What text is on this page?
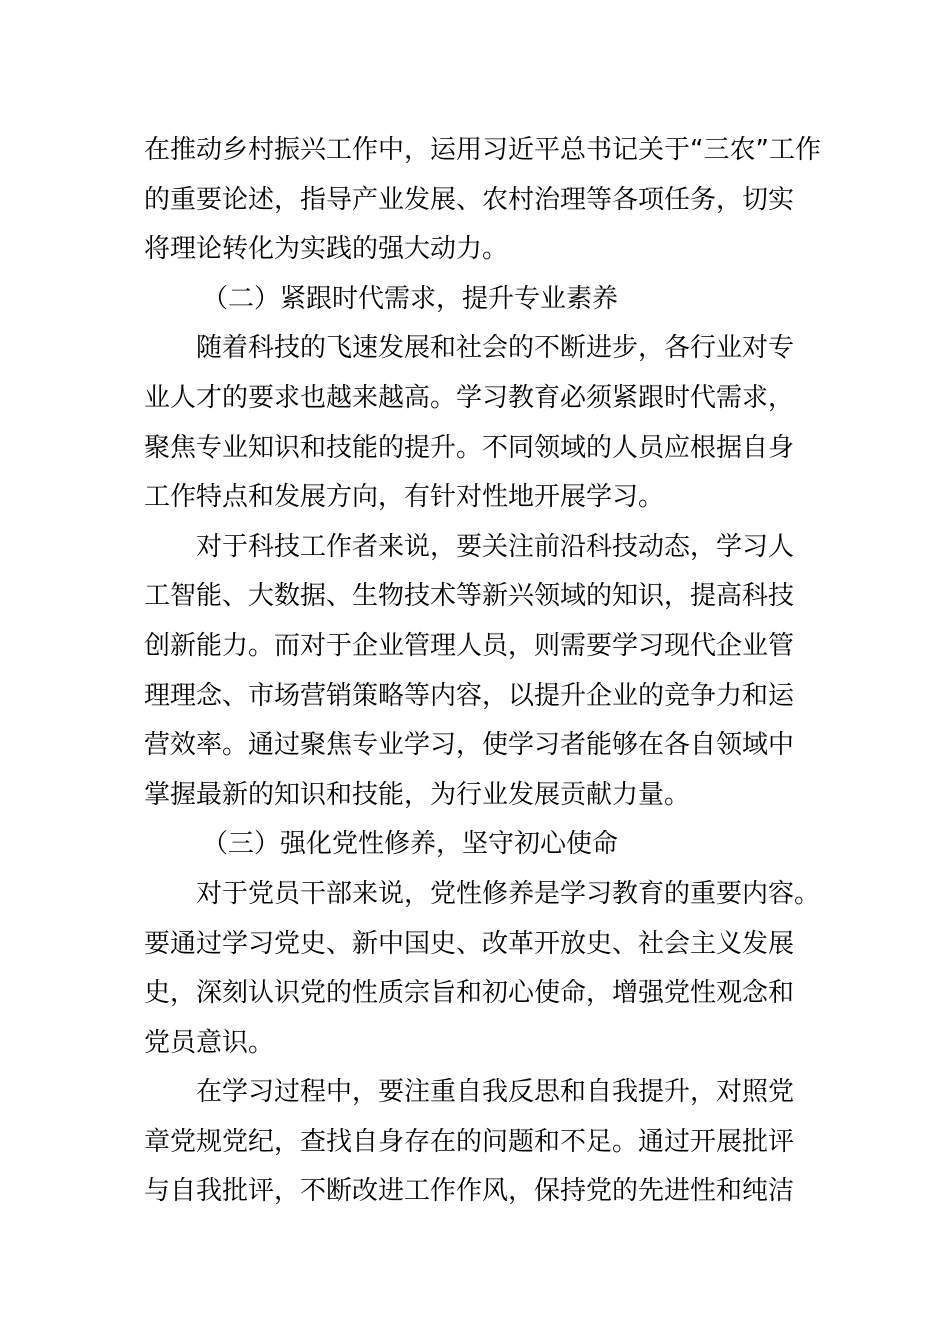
在推动乡村振兴工作中，运用习近平总书记关于“三农”工作
的重要论述，指导产业发展、农村治理等各项任务，切实
将理论转化为实践的强大动力。
（二）紧跟时代需求，提升专业素养
随着科技的飞速发展和社会的不断进步，各行业对专
业人才的要求也越来越高。学习教育必须紧跟时代需求，
聚焦专业知识和技能的提升。不同领域的人员应根据自身
工作特点和发展方向，有针对性地开展学习。
对于科技工作者来说，要关注前沿科技动态，学习人
工智能、大数据、生物技术等新兴领域的知识，提高科技
创新能力。而对于企业管理人员，则需要学习现代企业管
理理念、市场营销策略等内容，以提升企业的竞争力和运
营效率。通过聚焦专业学习，使学习者能够在各自领域中
掌握最新的知识和技能，为行业发展贡献力量。
（三）强化党性修养，坚守初心使命
对于党员干部来说，党性修养是学习教育的重要内容。
要通过学习党史、新中国史、改革开放史、社会主义发展
史，深刻认识党的性质宗旨和初心使命，增强党性观念和
党员意识。
在学习过程中，要注重自我反思和自我提升，对照党
章党规党纪，查找自身存在的问题和不足。通过开展批评
与自我批评，不断改进工作作风，保持党的先进性和纯洁
